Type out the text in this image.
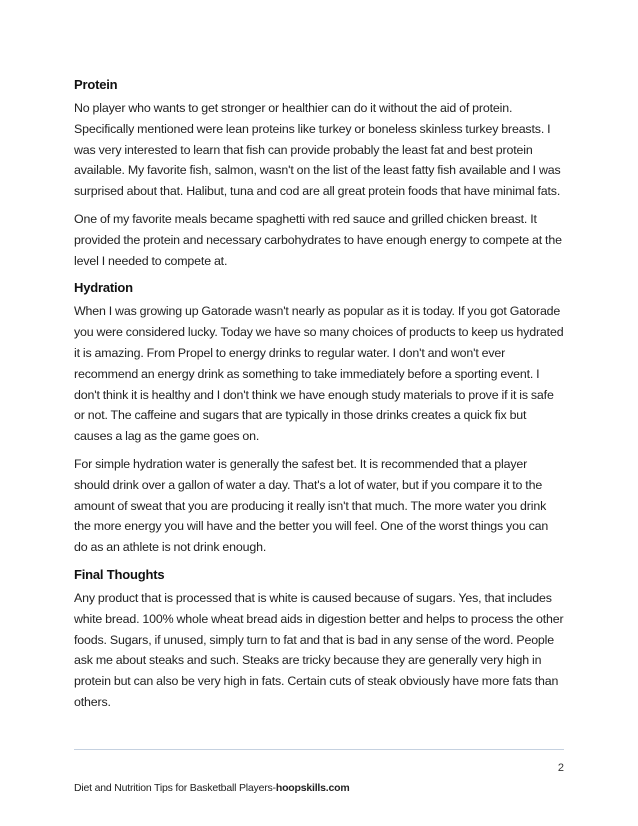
Protein

No player who wants to get stronger or healthier can do it without the aid of protein. Specifically mentioned were lean proteins like turkey or boneless skinless turkey breasts. I was very interested to learn that fish can provide probably the least fat and best protein available. My favorite fish, salmon, wasn't on the list of the least fatty fish available and I was surprised about that. Halibut, tuna and cod are all great protein foods that have minimal fats.

One of my favorite meals became spaghetti with red sauce and grilled chicken breast. It provided the protein and necessary carbohydrates to have enough energy to compete at the level I needed to compete at.

Hydration

When I was growing up Gatorade wasn't nearly as popular as it is today. If you got Gatorade you were considered lucky. Today we have so many choices of products to keep us hydrated it is amazing. From Propel to energy drinks to regular water. I don't and won't ever recommend an energy drink as something to take immediately before a sporting event. I don't think it is healthy and I don't think we have enough study materials to prove if it is safe or not. The caffeine and sugars that are typically in those drinks creates a quick fix but causes a lag as the game goes on.

For simple hydration water is generally the safest bet. It is recommended that a player should drink over a gallon of water a day. That's a lot of water, but if you compare it to the amount of sweat that you are producing it really isn't that much. The more water you drink the more energy you will have and the better you will feel. One of the worst things you can do as an athlete is not drink enough.

Final Thoughts

Any product that is processed that is white is caused because of sugars. Yes, that includes white bread. 100% whole wheat bread aids in digestion better and helps to process the other foods. Sugars, if unused, simply turn to fat and that is bad in any sense of the word. People ask me about steaks and such. Steaks are tricky because they are generally very high in protein but can also be very high in fats. Certain cuts of steak obviously have more fats than others.

2
Diet and Nutrition Tips for Basketball Players-hoopskills.com
